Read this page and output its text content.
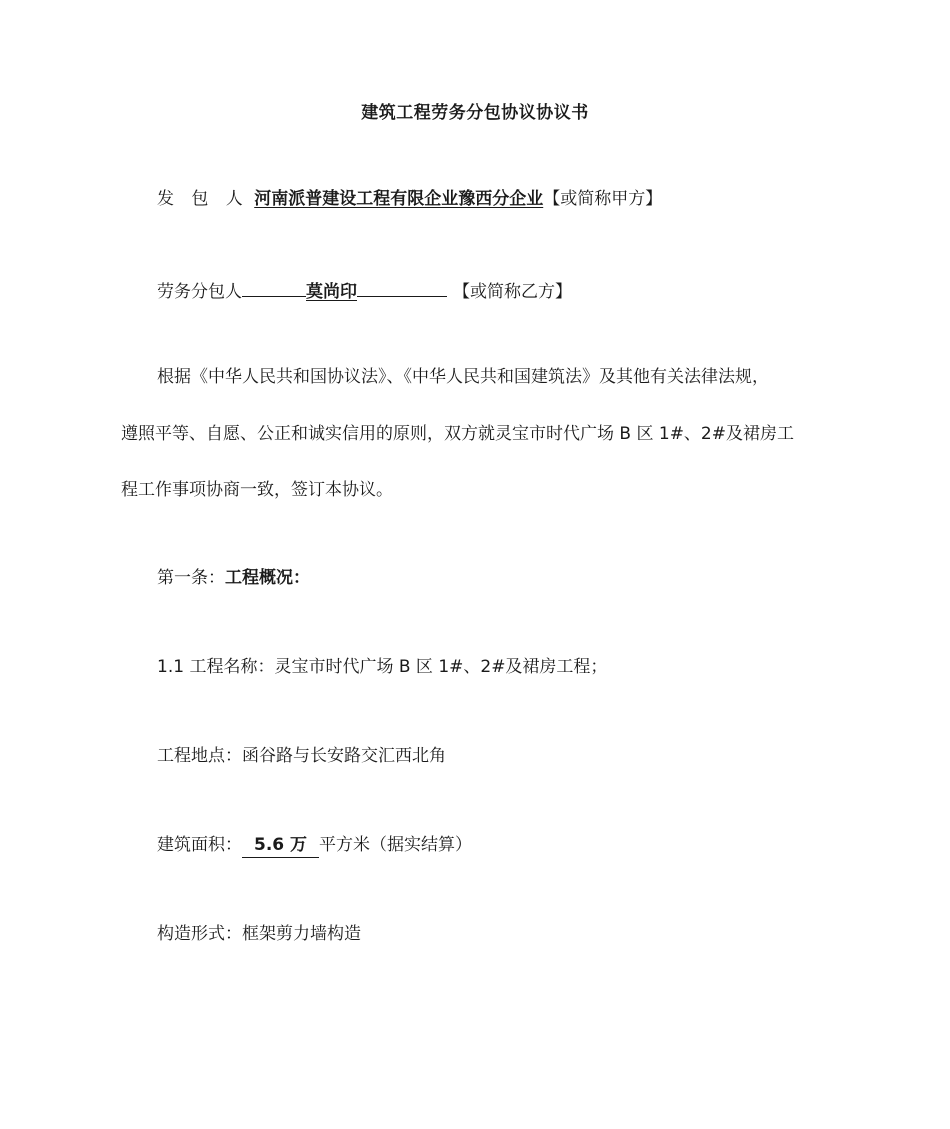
建筑工程劳务分包协议协议书
发 包 人 河南派普建设工程有限企业豫西分企业【或简称甲方】
劳务分包人	莫尚印	【或简称乙方】
根据《中华人民共和国协议法》、《中华人民共和国建筑法》及其他有关法律法规，
遵照平等、自愿、公正和诚实信用的原则，双方就灵宝市时代广场 B 区 1#、2#及裙房工
程工作事项协商一致，签订本协议。
第一条：工程概况：
1.1 工程名称：灵宝市时代广场 B 区 1#、2#及裙房工程；
工程地点：函谷路与长安路交汇西北角
建筑面积： 5.6 万 平方米（据实结算）
构造形式：框架剪力墙构造
